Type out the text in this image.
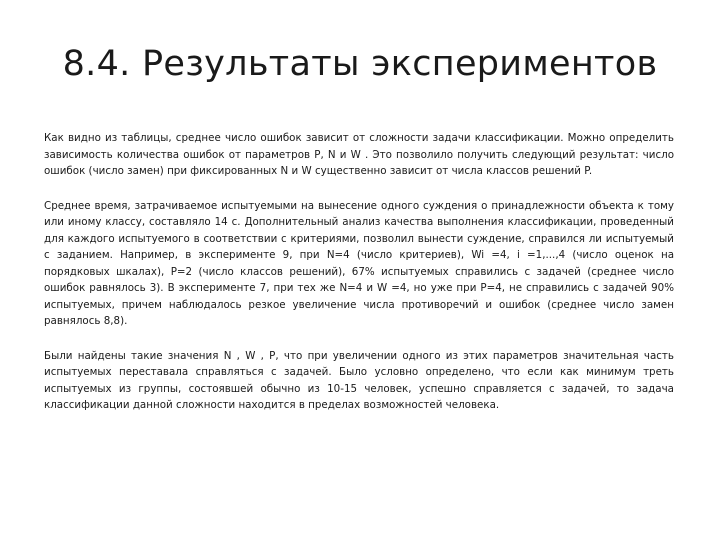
8.4. Результаты экспериментов

Как видно из таблицы, среднее число ошибок зависит от сложности задачи классификации. Можно определить зависимость количества ошибок от параметров P, N и W . Это позволило получить следующий результат: число ошибок (число замен) при фиксированных N и W существенно зависит от числа классов решений P.

Среднее время, затрачиваемое испытуемыми на вынесение одного суждения о принадлежности объекта к тому или иному классу, составляло 14 с. Дополнительный анализ качества выполнения классификации, проведенный для каждого испытуемого в соответствии с критериями, позволил вынести суждение, справился ли испытуемый с заданием. Например, в эксперименте 9, при N=4 (число критериев), Wi =4, i =1,...,4 (число оценок на порядковых шкалах), P=2 (число классов решений), 67% испытуемых справились с задачей (среднее число ошибок равнялось 3). В эксперименте 7, при тех же N=4 и W =4, но уже при P=4, не справились с задачей 90% испытуемых, причем наблюдалось резкое увеличение числа противоречий и ошибок (среднее число замен равнялось 8,8).

Были найдены такие значения N , W , P, что при увеличении одного из этих параметров значительная часть испытуемых переставала справляться с задачей. Было условно определено, что если как минимум треть испытуемых из группы, состоявшей обычно из 10-15 человек, успешно справляется с задачей, то задача классификации данной сложности находится в пределах возможностей человека.
